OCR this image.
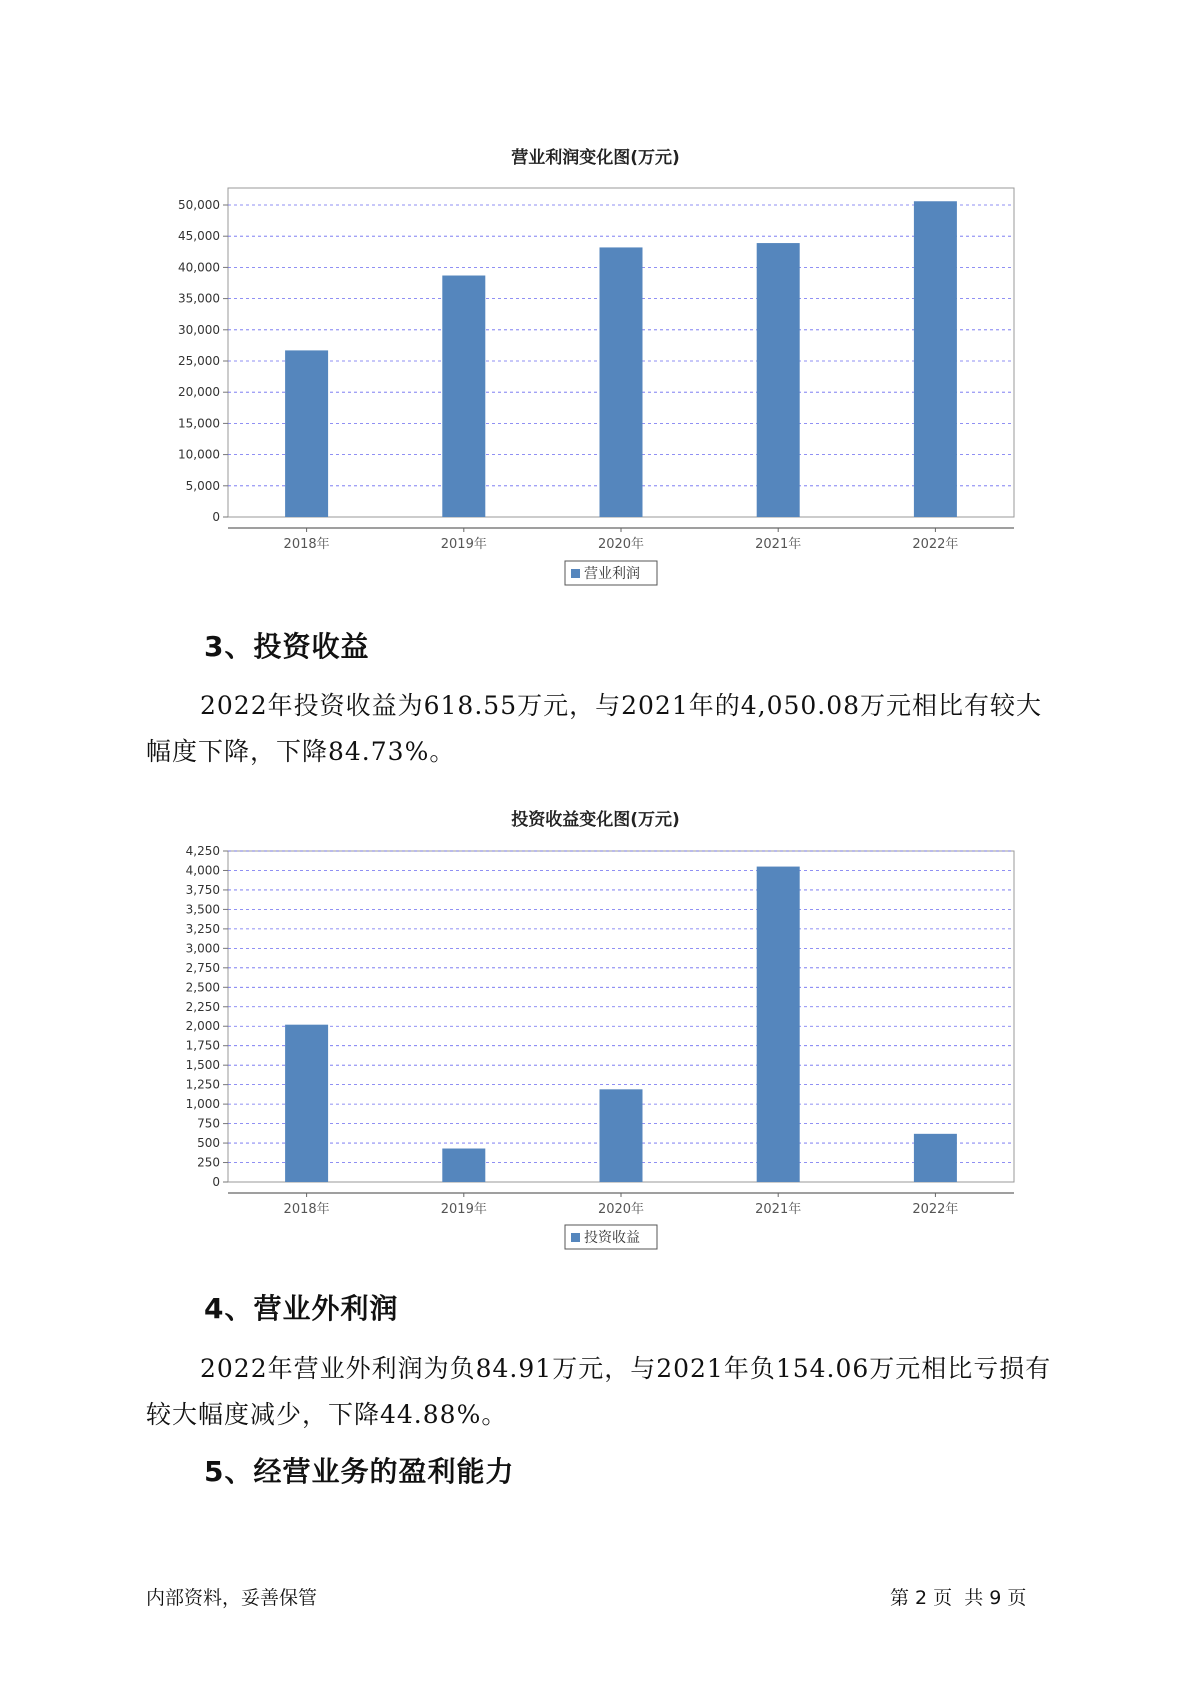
营业利润变化图(万元)
0
5,000
10,000
15,000
20,000
25,000
30,000
35,000
40,000
45,000
50,000
2018年	2019年	2020年	2021年	2022年
营业利润
3、投资收益
2022年投资收益为618.55万元，与2021年的4,050.08万元相比有较大
幅度下降，下降84.73%。
投资收益变化图(万元)
0
250
500
750
1,000
1,250
1,500
1,750
2,000
2,250
2,500
2,750
3,000
3,250
3,500
3,750
4,000
4,250
2018年	2019年	2020年	2021年	2022年
投资收益
4、营业外利润
2022年营业外利润为负84.91万元，与2021年负154.06万元相比亏损有
较大幅度减少，下降44.88%。
5、经营业务的盈利能力
内部资料，妥善保管	第 2 页  共 9 页
